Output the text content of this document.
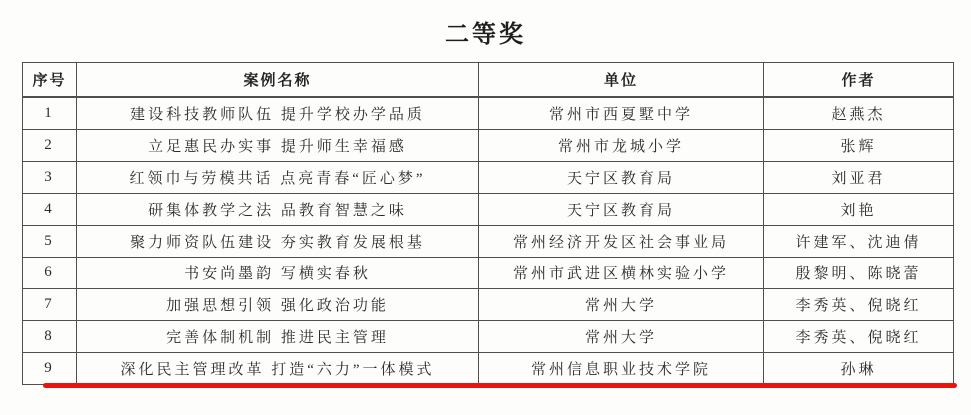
二等奖
序号	案例名称	单位	作者
1	建设科技教师队伍 提升学校办学品质	常州市西夏墅中学	赵燕杰
2	立足惠民办实事 提升师生幸福感	常州市龙城小学	张辉
3	红领巾与劳模共话 点亮青春“匠心梦”	天宁区教育局	刘亚君
4	研集体教学之法 品教育智慧之味	天宁区教育局	刘艳
5	聚力师资队伍建设 夯实教育发展根基	常州经济开发区社会事业局	许建军、沈迪倩
6	书安尚墨韵 写横实春秋	常州市武进区横林实验小学	殷黎明、陈晓蕾
7	加强思想引领 强化政治功能	常州大学	李秀英、倪晓红
8	完善体制机制 推进民主管理	常州大学	李秀英、倪晓红
9	深化民主管理改革 打造“六力”一体模式	常州信息职业技术学院	孙琳
